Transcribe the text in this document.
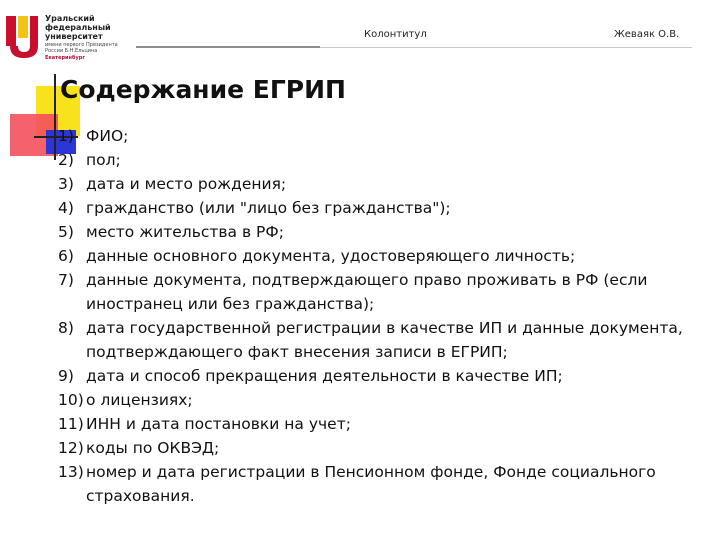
Уральский
федеральный
университет
имени первого Президента России Б.Н.Ельцина
Екатеринбург
Колонтитул	Жеваяк О.В.
Содержание ЕГРИП
1) ФИО;
2) пол;
3) дата и место рождения;
4) гражданство (или "лицо без гражданства");
5) место жительства в РФ;
6) данные основного документа, удостоверяющего личность;
7) данные документа, подтверждающего право проживать в РФ (если иностранец или без гражданства);
8) дата государственной регистрации в качестве ИП и данные документа, подтверждающего факт внесения записи в ЕГРИП;
9) дата и способ прекращения деятельности в качестве ИП;
10) о лицензиях;
11) ИНН и дата постановки на учет;
12) коды по ОКВЭД;
13) номер и дата регистрации в Пенсионном фонде, Фонде социального страхования.
